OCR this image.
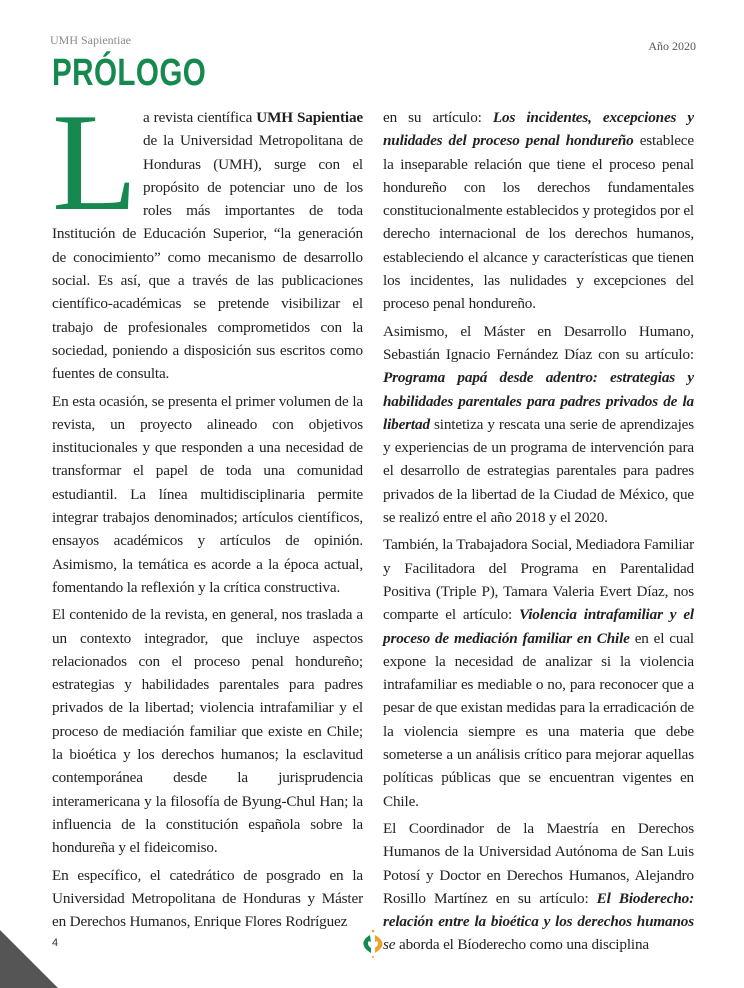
UMH Sapientiae	Año 2020
PRÓLOGO
L a revista científica UMH Sapientiae de la Universidad Metropolitana de Honduras (UMH), surge con el propósito de potenciar uno de los roles más importantes de toda Institución de Educación Superior, “la generación de conocimiento” como mecanismo de desarrollo social. Es así, que a través de las publicaciones científico-académicas se pretende visibilizar el trabajo de profesionales comprometidos con la sociedad, poniendo a disposición sus escritos como fuentes de consulta.

En esta ocasión, se presenta el primer volumen de la revista, un proyecto alineado con objetivos institucionales y que responden a una necesidad de transformar el papel de toda una comunidad estudiantil. La línea multidisciplinaria permite integrar trabajos denominados; artículos científicos, ensayos académicos y artículos de opinión. Asimismo, la temática es acorde a la época actual, fomentando la reflexión y la crítica constructiva.

El contenido de la revista, en general, nos traslada a un contexto integrador, que incluye aspectos relacionados con el proceso penal hondureño; estrategias y habilidades parentales para padres privados de la libertad; violencia intrafamiliar y el proceso de mediación familiar que existe en Chile; la bioética y los derechos humanos; la esclavitud contemporánea desde la jurisprudencia interamericana y la filosofía de Byung-Chul Han; la influencia de la constitución española sobre la hondureña y el fideicomiso.

En específico, el catedrático de posgrado en la Universidad Metropolitana de Honduras y Máster en Derechos Humanos, Enrique Flores Rodríguez

en su artículo: Los incidentes, excepciones y nulidades del proceso penal hondureño establece la inseparable relación que tiene el proceso penal hondureño con los derechos fundamentales constitucionalmente establecidos y protegidos por el derecho internacional de los derechos humanos, estableciendo el alcance y características que tienen los incidentes, las nulidades y excepciones del proceso penal hondureño.

Asimismo, el Máster en Desarrollo Humano, Sebastián Ignacio Fernández Díaz con su artículo: Programa papá desde adentro: estrategias y habilidades parentales para padres privados de la libertad sintetiza y rescata una serie de aprendizajes y experiencias de un programa de intervención para el desarrollo de estrategias parentales para padres privados de la libertad de la Ciudad de México, que se realizó entre el año 2018 y el 2020.

También, la Trabajadora Social, Mediadora Familiar y Facilitadora del Programa en Parentalidad Positiva (Triple P), Tamara Valeria Evert Díaz, nos comparte el artículo: Violencia intrafamiliar y el proceso de mediación familiar en Chile en el cual expone la necesidad de analizar si la violencia intrafamiliar es mediable o no, para reconocer que a pesar de que existan medidas para la erradicación de la violencia siempre es una materia que debe someterse a un análisis crítico para mejorar aquellas políticas públicas que se encuentran vigentes en Chile.

El Coordinador de la Maestría en Derechos Humanos de la Universidad Autónoma de San Luis Potosí y Doctor en Derechos Humanos, Alejandro Rosillo Martínez en su artículo: El Bioderecho: relación entre la bioética y los derechos humanos se aborda el Bíoderecho como una disciplina

4
